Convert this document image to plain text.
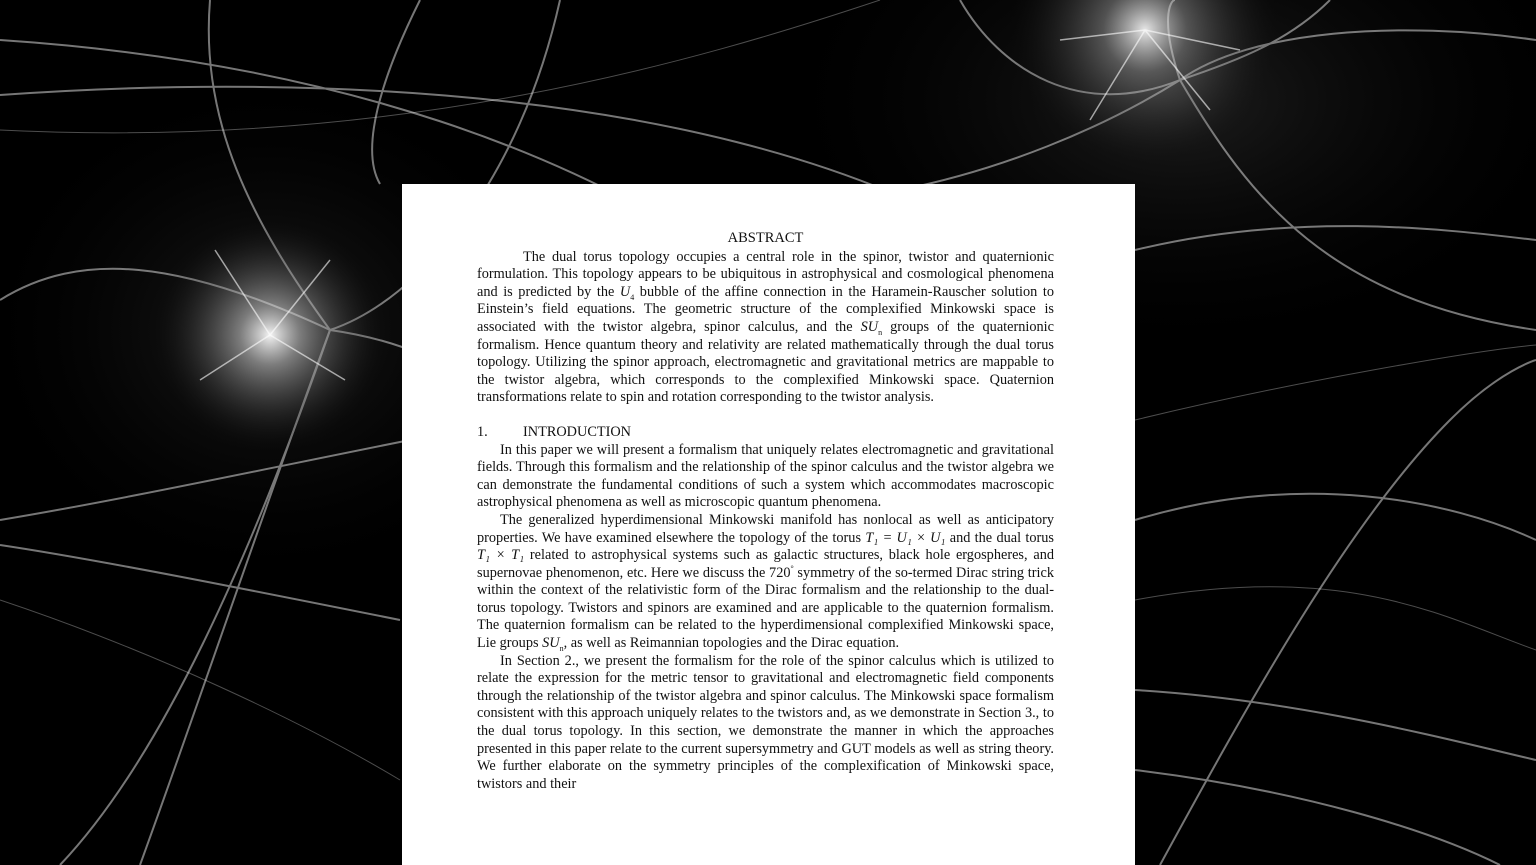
ABSTRACT

The dual torus topology occupies a central role in the spinor, twistor and quaternionic formulation. This topology appears to be ubiquitous in astrophysical and cosmological phenomena and is predicted by the $U_4$ bubble of the affine connection in the Haramein-Rauscher solution to Einstein’s field equations. The geometric structure of the complexified Minkowski space is associated with the twistor algebra, spinor calculus, and the $SU_n$ groups of the quaternionic formalism. Hence quantum theory and relativity are related mathematically through the dual torus topology. Utilizing the spinor approach, electromagnetic and gravitational metrics are mappable to the twistor algebra, which corresponds to the complexified Minkowski space. Quaternion transformations relate to spin and rotation corresponding to the twistor analysis.

1.	INTRODUCTION

In this paper we will present a formalism that uniquely relates electromagnetic and gravitational fields. Through this formalism and the relationship of the spinor calculus and the twistor algebra we can demonstrate the fundamental conditions of such a system which accommodates macroscopic astrophysical phenomena as well as microscopic quantum phenomena.

The generalized hyperdimensional Minkowski manifold has nonlocal as well as anticipatory properties. We have examined elsewhere the topology of the torus T₁ = U₁ × U₁ and the dual torus T₁ × T₁ related to astrophysical systems such as galactic structures, black hole ergospheres, and supernovae phenomenon, etc. Here we discuss the 720° symmetry of the so-termed Dirac string trick within the context of the relativistic form of the Dirac formalism and the relationship to the dual-torus topology. Twistors and spinors are examined and are applicable to the quaternion formalism. The quaternion formalism can be related to the hyperdimensional complexified Minkowski space, Lie groups $SU_n$, as well as Reimannian topologies and the Dirac equation.

In Section 2., we present the formalism for the role of the spinor calculus which is utilized to relate the expression for the metric tensor to gravitational and electromagnetic field components through the relationship of the twistor algebra and spinor calculus. The Minkowski space formalism consistent with this approach uniquely relates to the twistors and, as we demonstrate in Section 3., to the dual torus topology. In this section, we demonstrate the manner in which the approaches presented in this paper relate to the current supersymmetry and GUT models as well as string theory. We further elaborate on the symmetry principles of the complexification of Minkowski space, twistors and their
